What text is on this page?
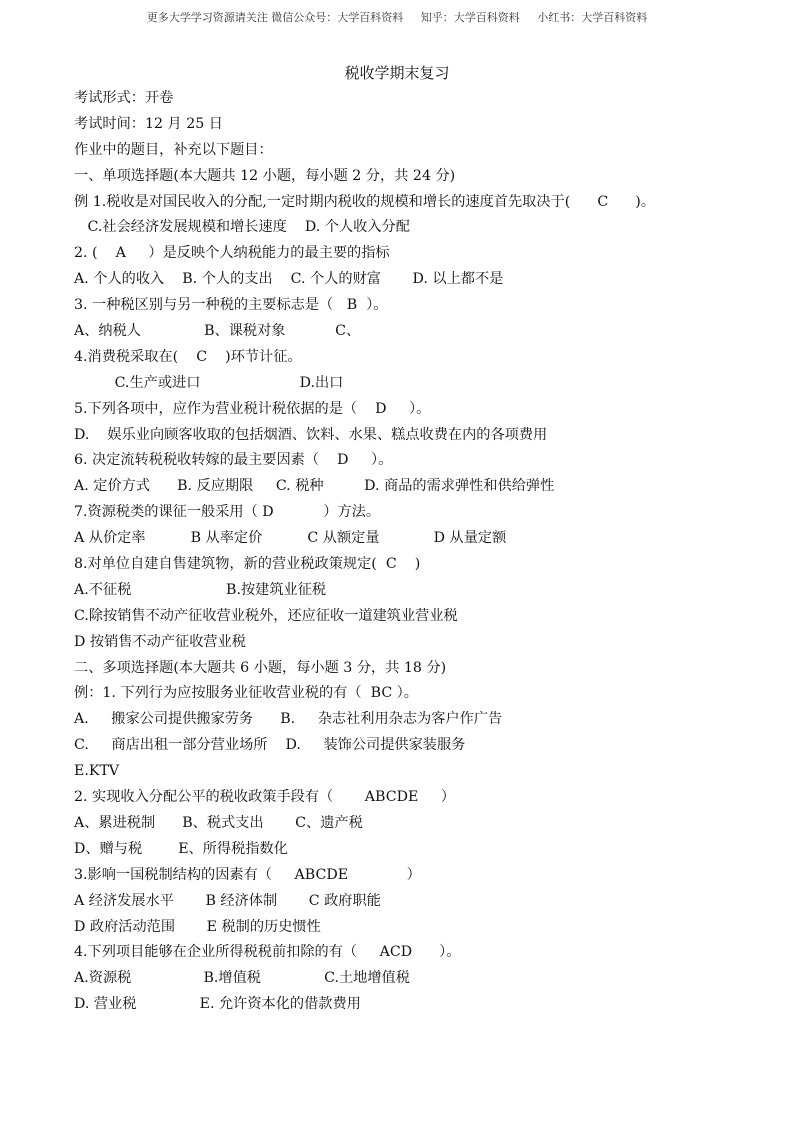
更多大学学习资源请关注 微信公众号：大学百科资料     知乎：大学百科资料     小红书：大学百科资料
税收学期末复习
考试形式：开卷
考试时间：12 月 25 日
作业中的题目，补充以下题目：
一、单项选择题(本大题共 12 小题，每小题 2 分，共 24 分)
例 1.税收是对国民收入的分配,一定时期内税收的规模和增长的速度首先取决于(      C      )。
C.社会经济发展规模和增长速度    D. 个人收入分配
2. (    A     ）是反映个人纳税能力的最主要的指标
A. 个人的收入    B. 个人的支出    C. 个人的财富       D. 以上都不是
3. 一种税区别与另一种税的主要标志是（   B  ）。
A、纳税人              B、课税对象           C、
4.消费税采取在(    C    )环节计征。
C.生产或进口                      D.出口
5.下列各项中，应作为营业税计税依据的是（    D     ）。
D.    娱乐业向顾客收取的包括烟酒、饮料、水果、糕点收费在内的各项费用
6. 决定流转税税收转嫁的最主要因素（    D     ）。
A. 定价方式      B. 反应期限     C. 税种         D. 商品的需求弹性和供给弹性
7.资源税类的课征一般采用（ D           ）方法。
A 从价定率          B 从率定价          C 从额定量            D 从量定额
8.对单位自建自售建筑物，新的营业税政策规定(  C    )
A.不征税                     B.按建筑业征税
C.除按销售不动产征收营业税外，还应征收一道建筑业营业税
D 按销售不动产征收营业税
二、多项选择题(本大题共 6 小题，每小题 3 分，共 18 分)
例：1. 下列行为应按服务业征收营业税的有（  BC ）。
A.     搬家公司提供搬家劳务      B.     杂志社利用杂志为客户作广告
C.     商店出租一部分营业场所    D.     装饰公司提供家装服务
E.KTV
2. 实现收入分配公平的税收政策手段有（       ABCDE     ）
A、累进税制      B、税式支出       C、遗产税
D、赠与税        E、所得税指数化
3.影响一国税制结构的因素有（     ABCDE             ）
A 经济发展水平       B 经济体制       C 政府职能
D 政府活动范围       E 税制的历史惯性
4.下列项目能够在企业所得税税前扣除的有（     ACD      ）。
A.资源税                B.增值税              C.土地增值税
D. 营业税              E. 允许资本化的借款费用
